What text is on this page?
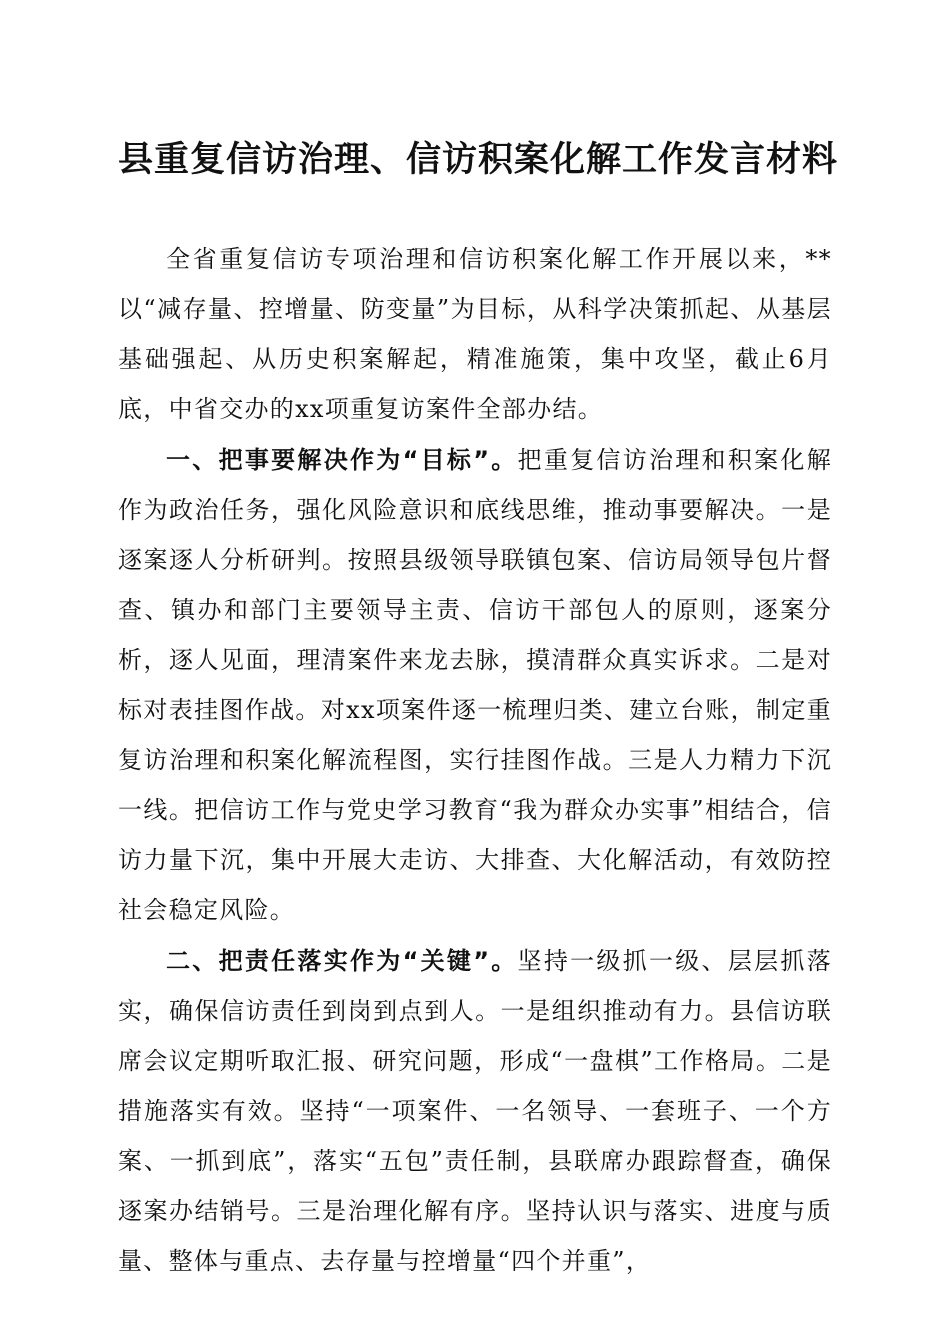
县重复信访治理、信访积案化解工作发言材料

全省重复信访专项治理和信访积案化解工作开展以来，**以“减存量、控增量、防变量”为目标，从科学决策抓起、从基层基础强起、从历史积案解起，精准施策，集中攻坚，截止6月底，中省交办的xx项重复访案件全部办结。

一、把事要解决作为“目标”。把重复信访治理和积案化解作为政治任务，强化风险意识和底线思维，推动事要解决。一是逐案逐人分析研判。按照县级领导联镇包案、信访局领导包片督查、镇办和部门主要领导主责、信访干部包人的原则，逐案分析，逐人见面，理清案件来龙去脉，摸清群众真实诉求。二是对标对表挂图作战。对xx项案件逐一梳理归类、建立台账，制定重复访治理和积案化解流程图，实行挂图作战。三是人力精力下沉一线。把信访工作与党史学习教育“我为群众办实事”相结合，信访力量下沉，集中开展大走访、大排查、大化解活动，有效防控社会稳定风险。

二、把责任落实作为“关键”。坚持一级抓一级、层层抓落实，确保信访责任到岗到点到人。一是组织推动有力。县信访联席会议定期听取汇报、研究问题，形成“一盘棋”工作格局。二是措施落实有效。坚持“一项案件、一名领导、一套班子、一个方案、一抓到底”，落实“五包”责任制，县联席办跟踪督查，确保逐案办结销号。三是治理化解有序。坚持认识与落实、进度与质量、整体与重点、去存量与控增量“四个并重”，
